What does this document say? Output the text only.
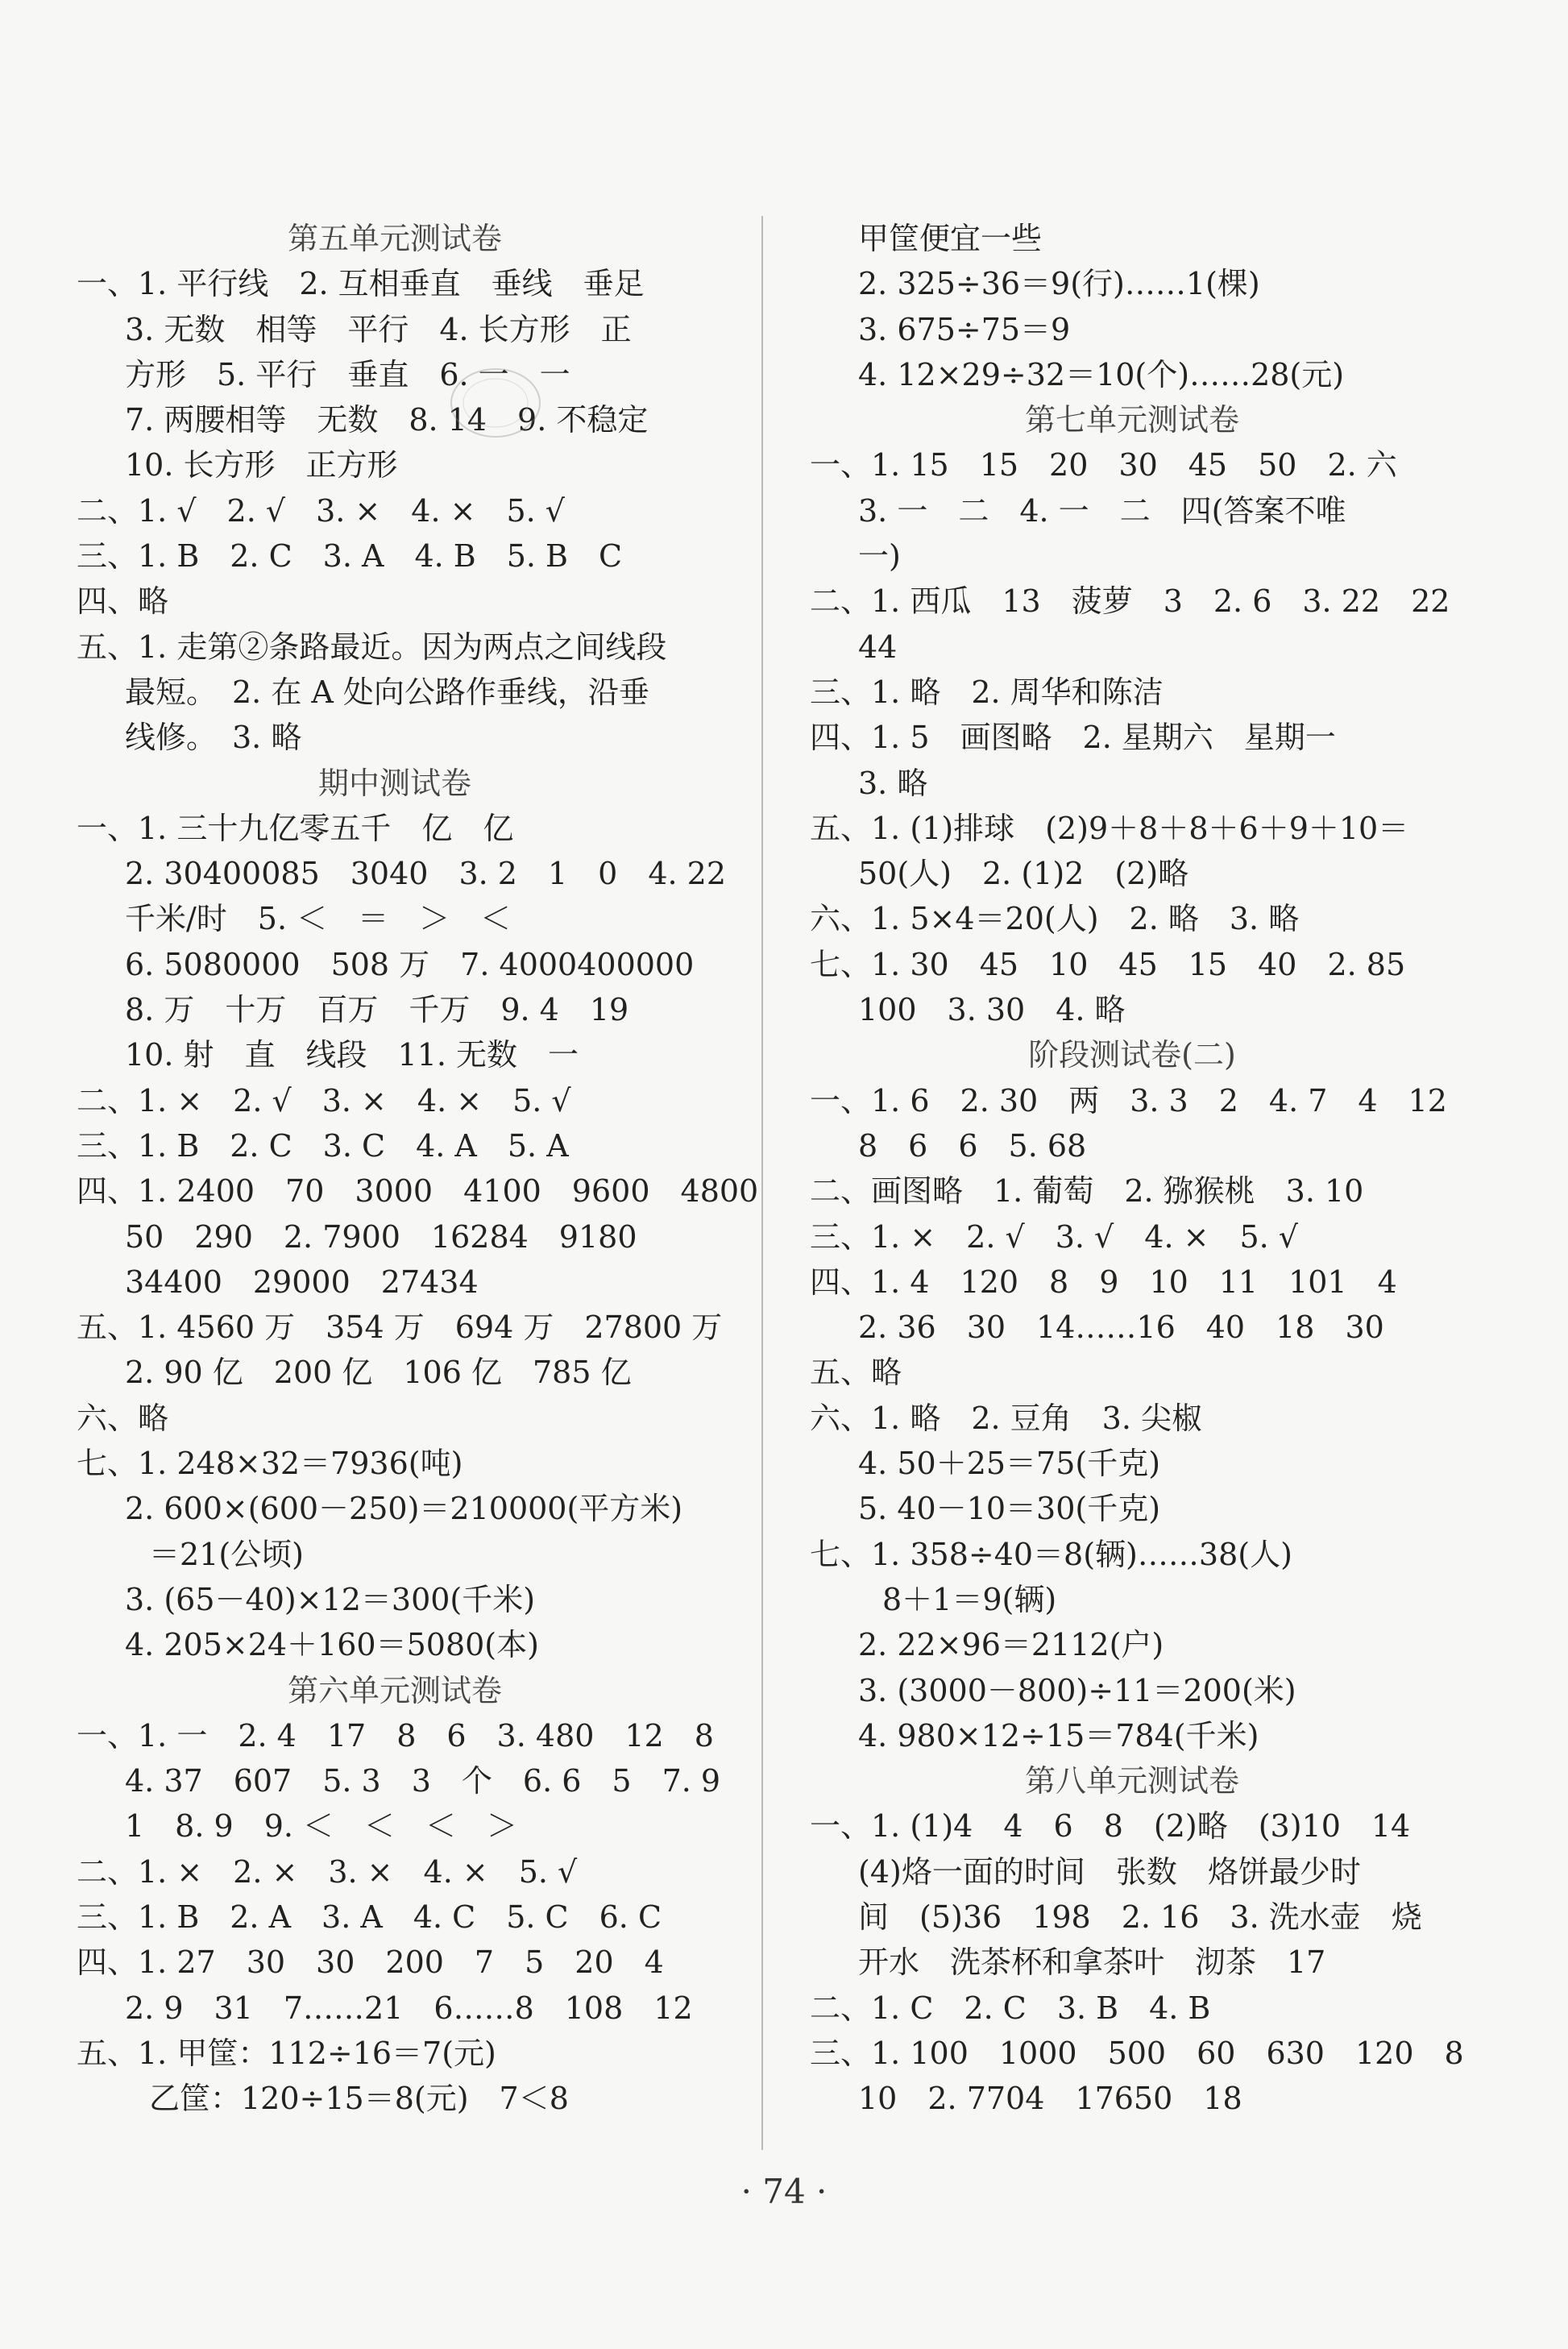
第五单元测试卷
一、1. 平行线　2. 互相垂直　垂线　垂足
3. 无数　相等　平行　4. 长方形　正
方形　5. 平行　垂直　6. 一　一
7. 两腰相等　无数　8. 14　9. 不稳定
10. 长方形　正方形
二、1. √　2. √　3. ×　4. ×　5. √
三、1. B　2. C　3. A　4. B　5. B　C
四、略
五、1. 走第②条路最近。因为两点之间线段
最短。　2. 在 A 处向公路作垂线，沿垂
线修。　3. 略
期中测试卷
一、1. 三十九亿零五千　亿　亿
2. 30400085　3040　3. 2　1　0　4. 22
千米/时　5. ＜　＝　＞　＜
6. 5080000　508 万　7. 4000400000
8. 万　十万　百万　千万　9. 4　19
10. 射　直　线段　11. 无数　一
二、1. ×　2. √　3. ×　4. ×　5. √
三、1. B　2. C　3. C　4. A　5. A
四、1. 2400　70　3000　4100　9600　4800
50　290　2. 7900　16284　9180
34400　29000　27434
五、1. 4560 万　354 万　694 万　27800 万
2. 90 亿　200 亿　106 亿　785 亿
六、略
七、1. 248×32＝7936(吨)
2. 600×(600－250)＝210000(平方米)
＝21(公顷)
3. (65－40)×12＝300(千米)
4. 205×24＋160＝5080(本)
第六单元测试卷
一、1. 一　2. 4　17　8　6　3. 480　12　8
4. 37　607　5. 3　3　个　6. 6　5　7. 9
1　8. 9　9. ＜　＜　＜　＞
二、1. ×　2. ×　3. ×　4. ×　5. √
三、1. B　2. A　3. A　4. C　5. C　6. C
四、1. 27　30　30　200　7　5　20　4
2. 9　31　7……21　6……8　108　12
五、1. 甲筐：112÷16＝7(元)
乙筐：120÷15＝8(元)　7＜8
甲筐便宜一些
2. 325÷36＝9(行)……1(棵)
3. 675÷75＝9
4. 12×29÷32＝10(个)……28(元)
第七单元测试卷
一、1. 15　15　20　30　45　50　2. 六
3. 一　二　4. 一　二　四(答案不唯
一)
二、1. 西瓜　13　菠萝　3　2. 6　3. 22　22
44
三、1. 略　2. 周华和陈洁
四、1. 5　画图略　2. 星期六　星期一
3. 略
五、1. (1)排球　(2)9＋8＋8＋6＋9＋10＝
50(人)　2. (1)2　(2)略
六、1. 5×4＝20(人)　2. 略　3. 略
七、1. 30　45　10　45　15　40　2. 85
100　3. 30　4. 略
阶段测试卷(二)
一、1. 6　2. 30　两　3. 3　2　4. 7　4　12
8　6　6　5. 68
二、画图略　1. 葡萄　2. 猕猴桃　3. 10
三、1. ×　2. √　3. √　4. ×　5. √
四、1. 4　120　8　9　10　11　101　4
2. 36　30　14……16　40　18　30
五、略
六、1. 略　2. 豆角　3. 尖椒
4. 50＋25＝75(千克)
5. 40－10＝30(千克)
七、1. 358÷40＝8(辆)……38(人)
8＋1＝9(辆)
2. 22×96＝2112(户)
3. (3000－800)÷11＝200(米)
4. 980×12÷15＝784(千米)
第八单元测试卷
一、1. (1)4　4　6　8　(2)略　(3)10　14
(4)烙一面的时间　张数　烙饼最少时
间　(5)36　198　2. 16　3. 洗水壶　烧
开水　洗茶杯和拿茶叶　沏茶　17
二、1. C　2. C　3. B　4. B
三、1. 100　1000　500　60　630　120　8
10　2. 7704　17650　18
· 74 ·
